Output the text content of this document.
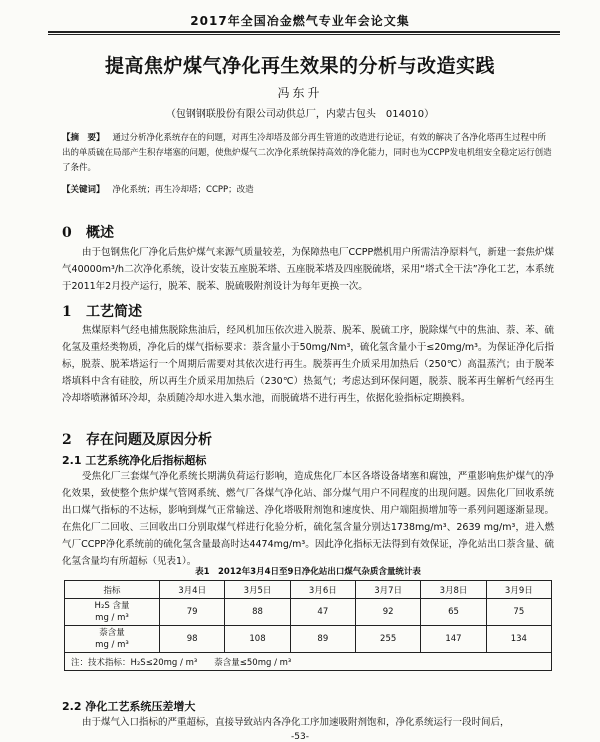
2017年全国冶金燃气专业年会论文集
提高焦炉煤气净化再生效果的分析与改造实践
冯东升
（包钢钢联股份有限公司动供总厂，内蒙古包头　014010）
【摘　要】 通过分析净化系统存在的问题，对再生冷却塔及部分再生管道的改造进行论证，有效的解决了各净化塔再生过程中所出的单质硫在局部产生积存堵塞的问题，使焦炉煤气二次净化系统保持高效的净化能力，同时也为CCPP发电机组安全稳定运行创造了条件。
【关键词】 净化系统；再生冷却塔；CCPP；改造
0 概述
由于包钢焦化厂净化后焦炉煤气来源气质量较差，为保障热电厂CCPP燃机用户所需洁净原料气，新建一套焦炉煤气40000m³/h二次净化系统，设计安装五座脱苯塔、五座脱苯塔及四座脱硫塔，采用“塔式全干法”净化工艺，本系统于2011年2月投产运行，脱苯、脱苯、脱硫吸附剂设计为每年更换一次。
1 工艺简述
焦煤原料气经电捕焦脱除焦油后，经风机加压依次进入脱萘、脱苯、脱硫工序，脱除煤气中的焦油、萘、苯、硫化氢及重烃类物质，净化后的煤气指标要求：萘含量小于50mg/Nm³，硫化氢含量小于≤20mg/m³。为保证净化后指标，脱萘、脱苯塔运行一个周期后需要对其依次进行再生。脱萘再生介质采用加热后（250℃）高温蒸汽；由于脱苯塔填料中含有硅胶，所以再生介质采用加热后（230℃）热氮气；考虑达到环保问题，脱萘、脱苯再生解析气经再生冷却塔喷淋循环冷却，杂质随冷却水进入集水池，而脱硫塔不进行再生，依据化验指标定期换料。
2 存在问题及原因分析
2.1 工艺系统净化后指标超标
受焦化厂三套煤气净化系统长期满负荷运行影响，造成焦化厂本区各塔设备堵塞和腐蚀，严重影响焦炉煤气的净化效果，致使整个焦炉煤气管网系统、燃气厂各煤气净化站、部分煤气用户不同程度的出现问题。因焦化厂回收系统出口煤气指标的不达标，影响到煤气正常输送、净化塔吸附剂饱和速度快、用户端阻损增加等一系列问题逐渐显现。在焦化厂二回收、三回收出口分别取煤气样进行化验分析，硫化氢含量分别达1738mg/m³、2639 mg/m³，进入燃气厂CCPP净化系统前的硫化氢含量最高时达4474mg/m³。因此净化指标无法得到有效保证，净化站出口萘含量、硫化氢含量均有所超标（见表1）。
表1　2012年3月4日至9日净化站出口煤气杂质含量统计表
指标	3月4日	3月5日	3月6日	3月7日	3月8日	3月9日

H₂S 含量
mg / m³	79	88	47	92	65	75

萘含量
mg / m³	98	108	89	255	147	134
注：技术指标：H₂S≤20mg / m³　　萘含量≤50mg / m³						
2.2 净化工艺系统压差增大
由于煤气入口指标的严重超标，直接导致站内各净化工序加速吸附剂饱和，净化系统运行一段时间后，
-53-
